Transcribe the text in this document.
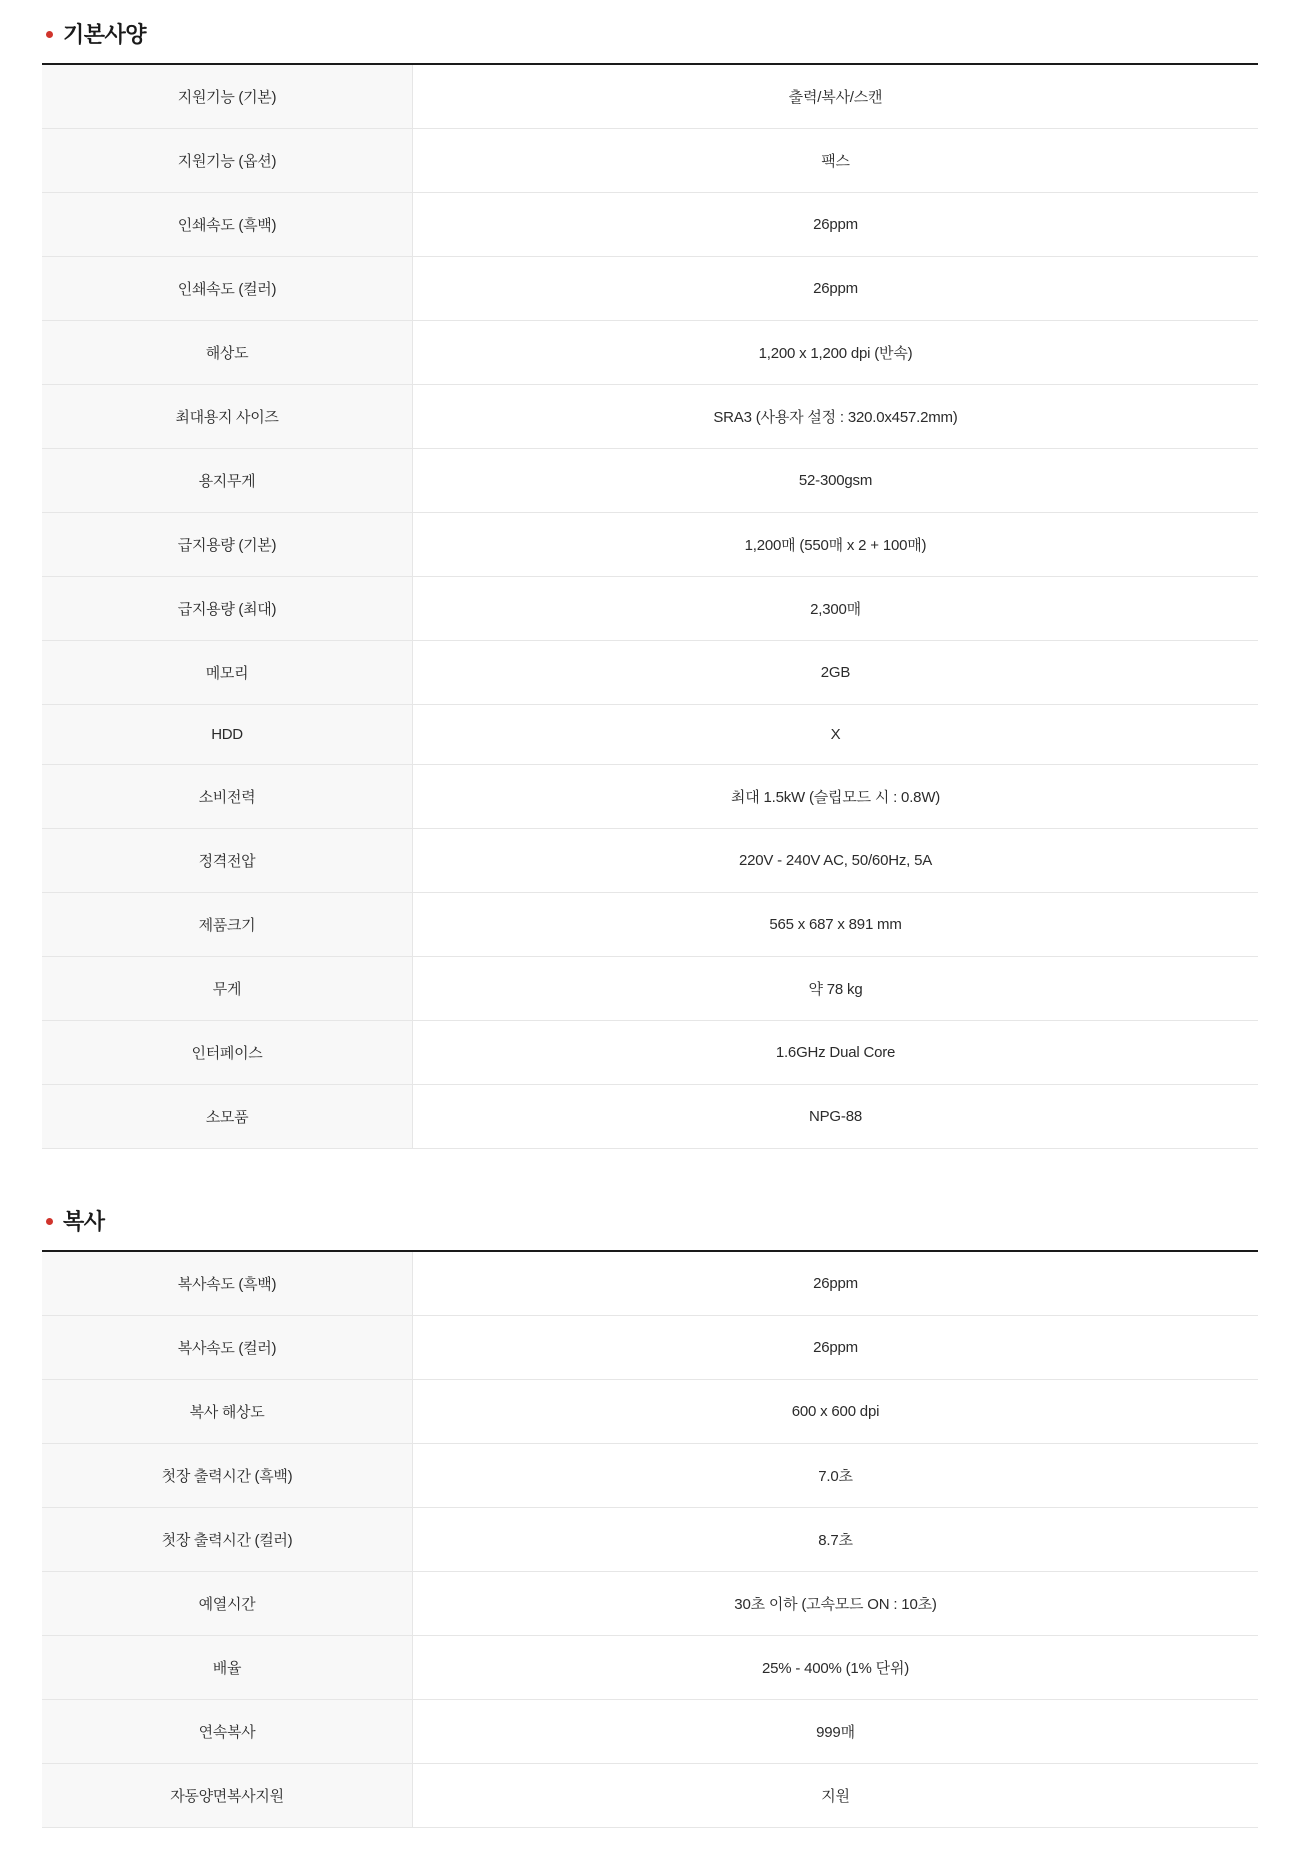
기본사양
지원기능 (기본)	출력/복사/스캔
지원기능 (옵션)	팩스
인쇄속도 (흑백)	26ppm
인쇄속도 (컬러)	26ppm
해상도	1,200 x 1,200 dpi (반속)
최대용지 사이즈	SRA3 (사용자 설정 : 320.0x457.2mm)
용지무게	52-300gsm
급지용량 (기본)	1,200매 (550매 x 2 + 100매)
급지용량 (최대)	2,300매
메모리	2GB
HDD	X
소비전력	최대 1.5kW (슬립모드 시 : 0.8W)
정격전압	220V - 240V AC, 50/60Hz, 5A
제품크기	565 x 687 x 891 mm
무게	약 78 kg
인터페이스	1.6GHz Dual Core
소모품	NPG-88
복사
복사속도 (흑백)	26ppm
복사속도 (컬러)	26ppm
복사 해상도	600 x 600 dpi
첫장 출력시간 (흑백)	7.0초
첫장 출력시간 (컬러)	8.7초
예열시간	30초 이하 (고속모드 ON : 10초)
배율	25% - 400% (1% 단위)
연속복사	999매
자동양면복사지원	지원
